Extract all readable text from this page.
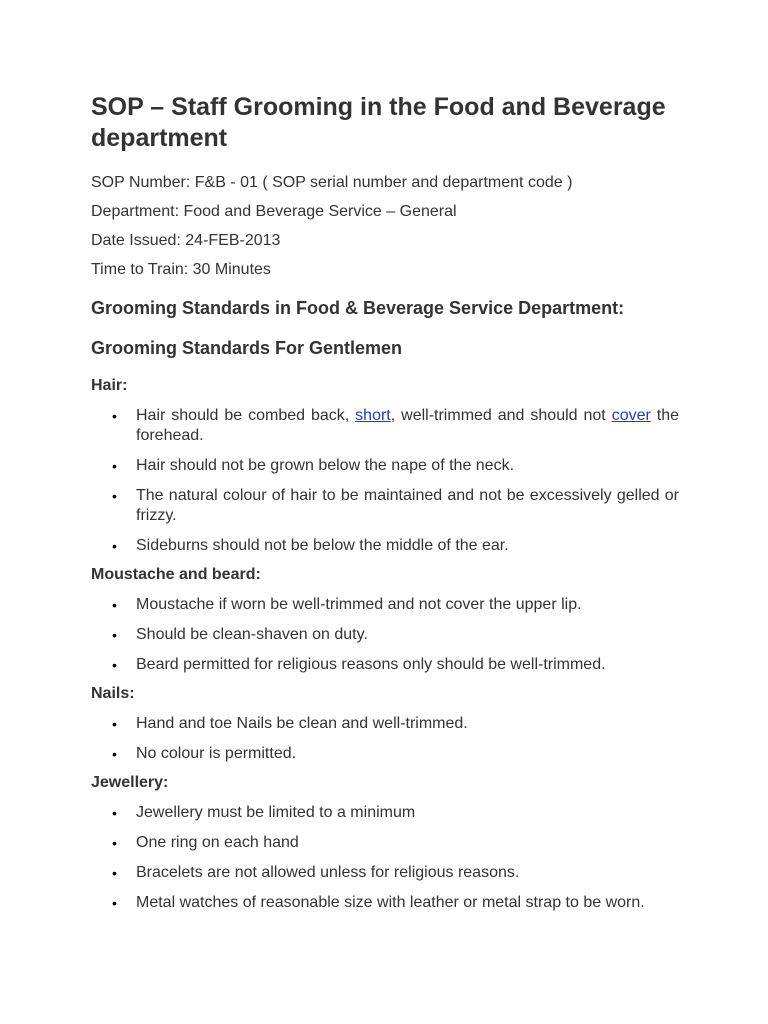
SOP – Staff Grooming in the Food and Beverage department

SOP Number: F&B - 01 ( SOP serial number and department code )

Department: Food and Beverage Service – General

Date Issued: 24-FEB-2013

Time to Train: 30 Minutes

Grooming Standards in Food & Beverage Service Department:
Grooming Standards For Gentlemen

Hair:

• Hair should be combed back, short, well-trimmed and should not cover the forehead.
• Hair should not be grown below the nape of the neck.
• The natural colour of hair to be maintained and not be excessively gelled or frizzy.
• Sideburns should not be below the middle of the ear.

Moustache and beard:

• Moustache if worn be well-trimmed and not cover the upper lip.
• Should be clean-shaven on duty.
• Beard permitted for religious reasons only should be well-trimmed.

Nails:

• Hand and toe Nails be clean and well-trimmed.
• No colour is permitted.

Jewellery:

• Jewellery must be limited to a minimum
• One ring on each hand
• Bracelets are not allowed unless for religious reasons.
• Metal watches of reasonable size with leather or metal strap to be worn.
